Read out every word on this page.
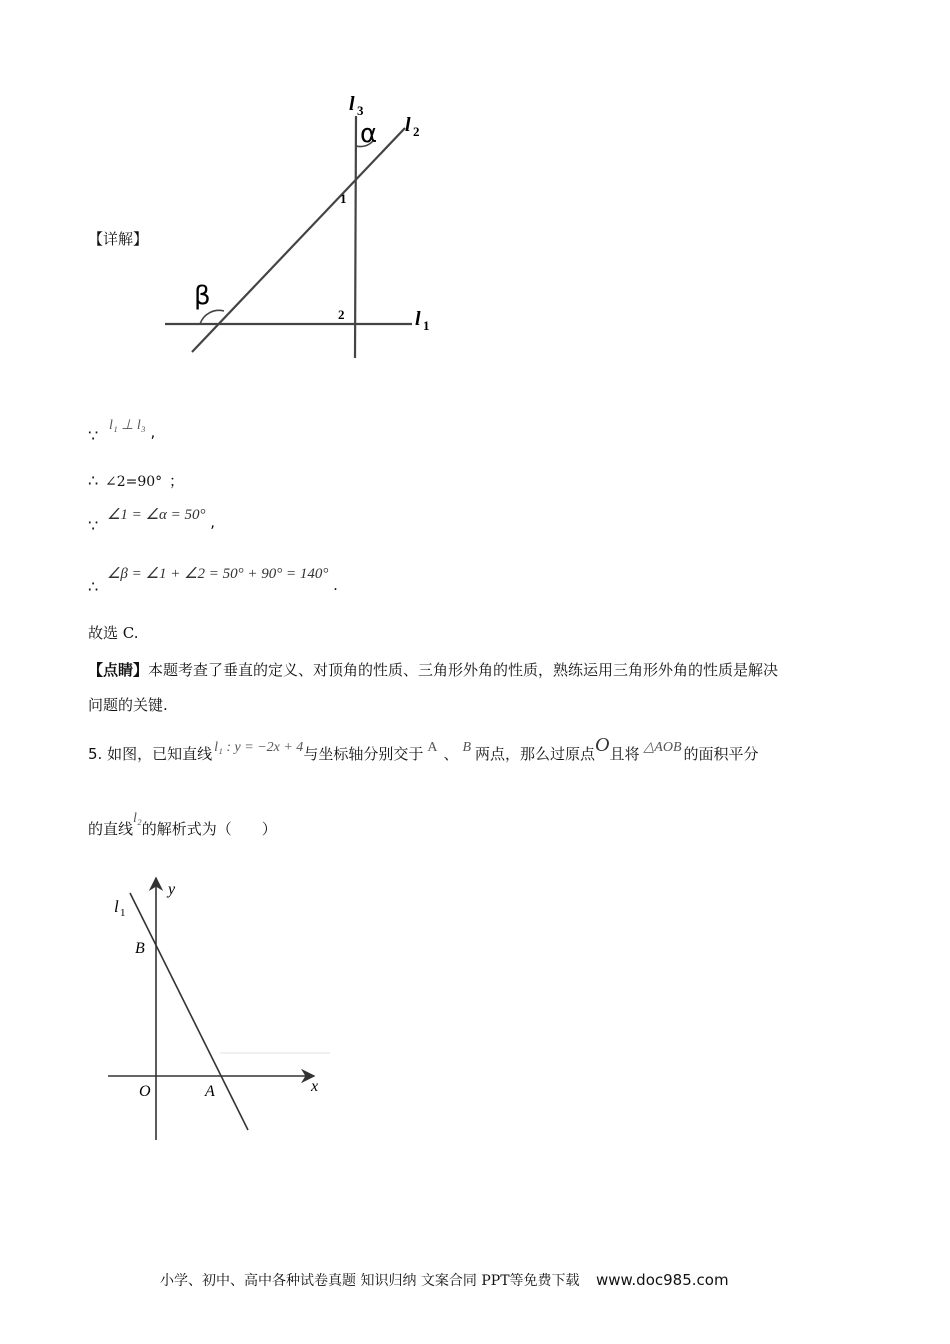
【详解】
l 3
l 2
l 1
α
β
1
2
∵ l₁ ⊥ l₃ ,
∴ ∠2=90° ；
∵ ∠1 = ∠α = 50° ,
∴ ∠β = ∠1 + ∠2 = 50° + 90° = 140° .
故选 C.
【点睛】本题考查了垂直的定义、对顶角的性质、三角形外角的性质，熟练运用三角形外角的性质是解决
问题的关键.
5. 如图，已知直线 l₁ : y = −2x + 4与坐标轴分别交于 A 、 B 两点，那么过原点O且将 △AOB 的面积平分
的直线l₂的解析式为（　　）
l 1
y
x
B
O	A
小学、初中、高中各种试卷真题 知识归纳 文案合同 PPT等免费下载 www.doc985.com
